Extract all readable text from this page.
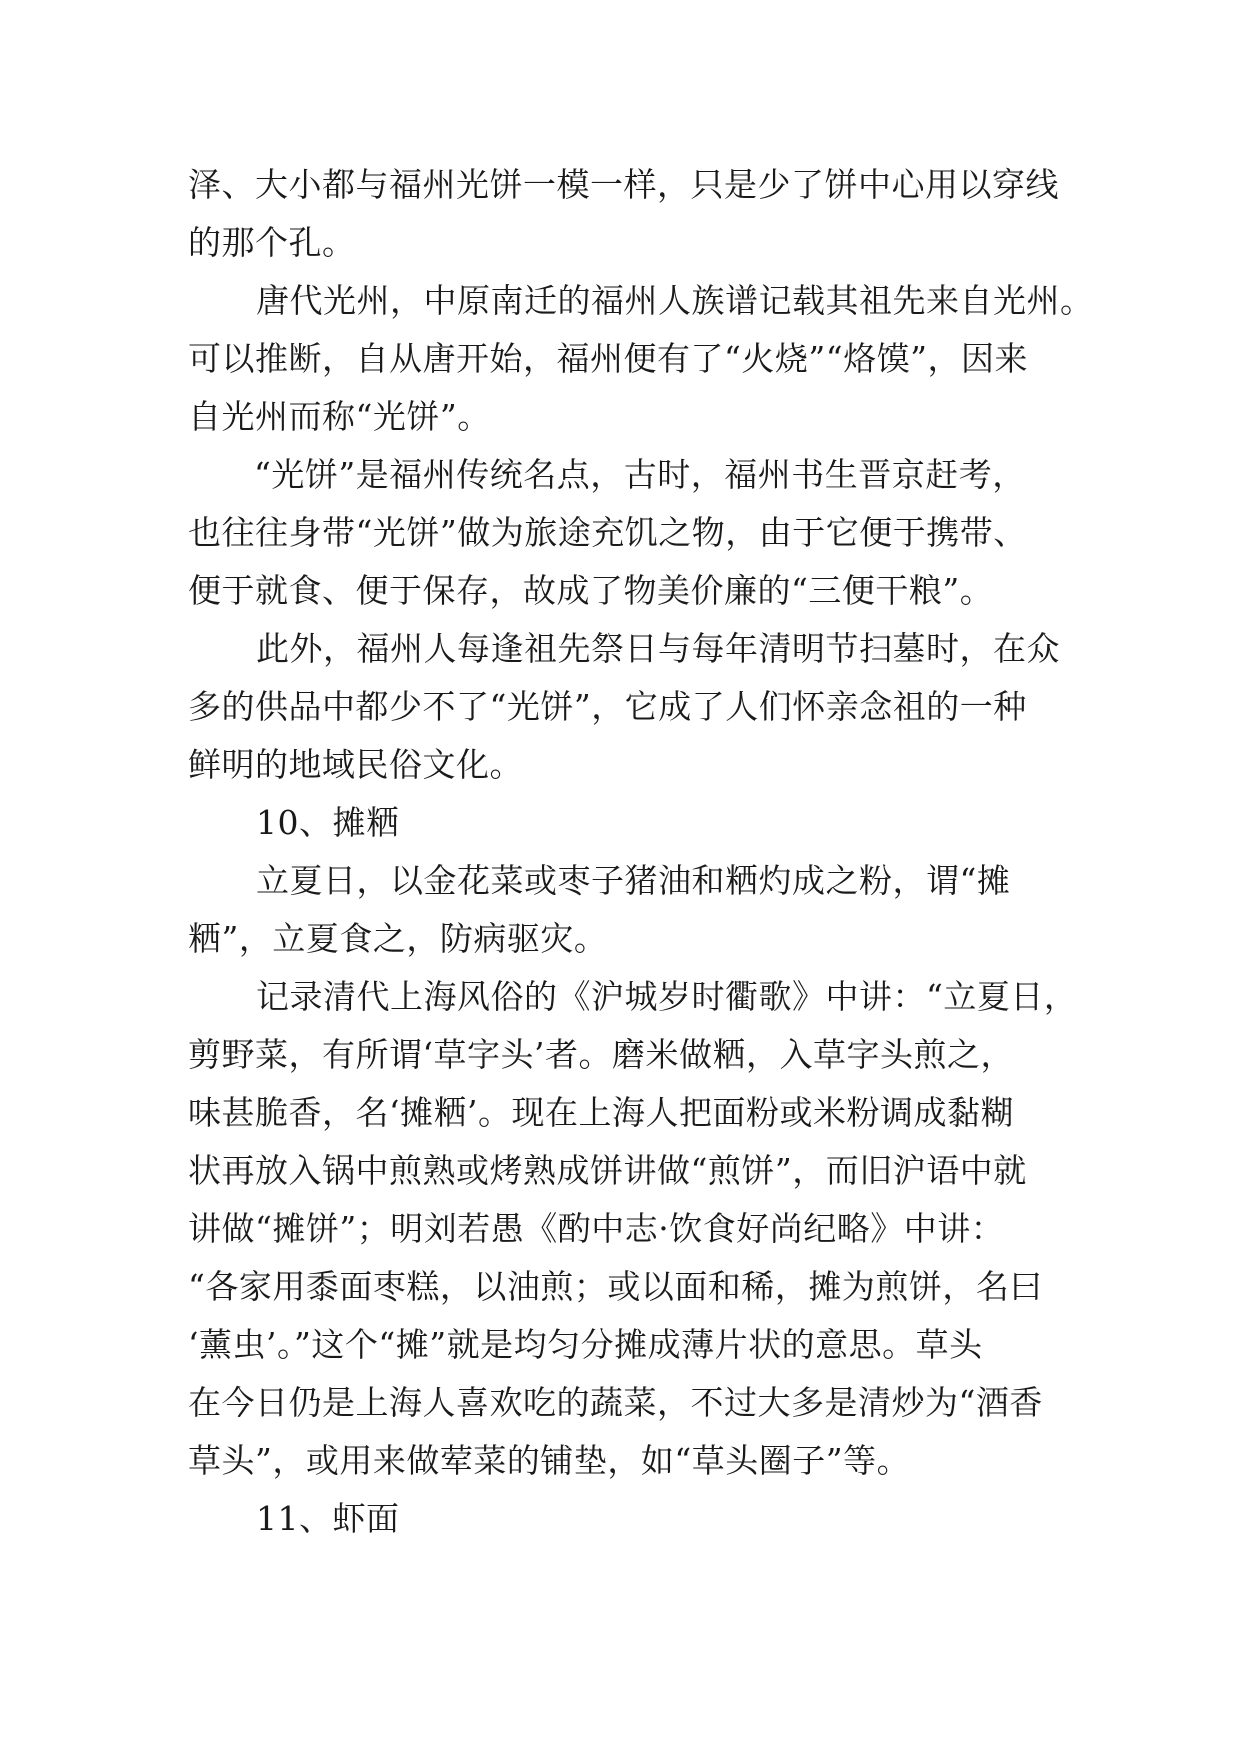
泽、大小都与福州光饼一模一样，只是少了饼中心用以穿线
的那个孔。
唐代光州，中原南迁的福州人族谱记载其祖先来自光州。
可以推断，自从唐开始，福州便有了“火烧”“烙馍”，因来
自光州而称“光饼”。
“光饼”是福州传统名点，古时，福州书生晋京赶考，
也往往身带“光饼”做为旅途充饥之物，由于它便于携带、
便于就食、便于保存，故成了物美价廉的“三便干粮”。
此外，福州人每逢祖先祭日与每年清明节扫墓时，在众
多的供品中都少不了“光饼”，它成了人们怀亲念祖的一种
鲜明的地域民俗文化。
10、摊粞
立夏日，以金花菜或枣子猪油和粞灼成之粉，谓“摊
粞”，立夏食之，防病驱灾。
记录清代上海风俗的《沪城岁时衢歌》中讲：“立夏日，
剪野菜，有所谓‘草字头’者。磨米做粞，入草字头煎之，
味甚脆香，名‘摊粞’。现在上海人把面粉或米粉调成黏糊
状再放入锅中煎熟或烤熟成饼讲做“煎饼”，而旧沪语中就
讲做“摊饼”；明刘若愚《酌中志·饮食好尚纪略》中讲：
“各家用黍面枣糕，以油煎；或以面和稀，摊为煎饼，名曰
‘薰虫’。”这个“摊”就是均匀分摊成薄片状的意思。草头
在今日仍是上海人喜欢吃的蔬菜，不过大多是清炒为“酒香
草头”，或用来做荤菜的铺垫，如“草头圈子”等。
11、虾面
